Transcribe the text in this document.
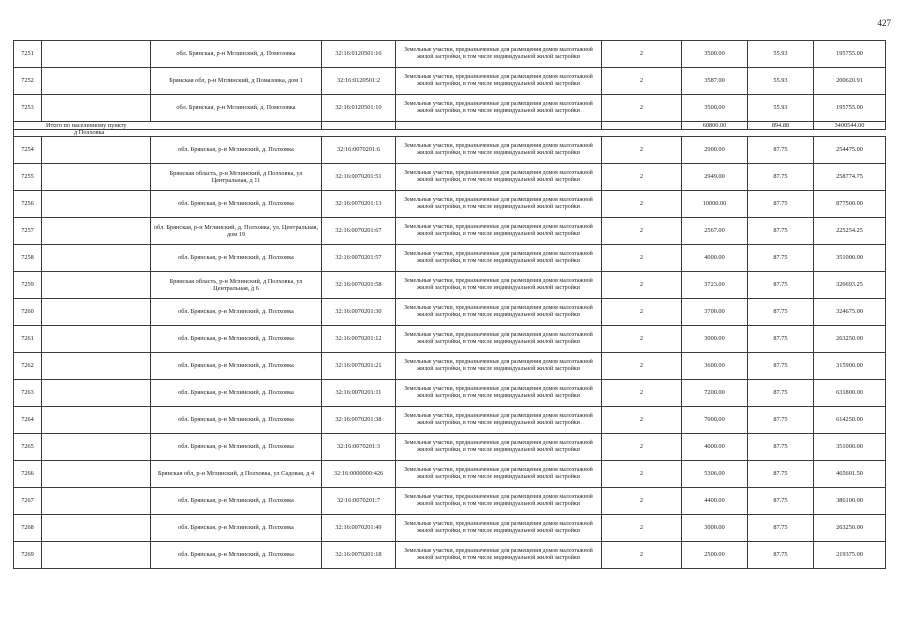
427
7251		обл. Брянская, р-н Мглинский, д. Помозовка	32:16:0120501:16	Земельные участки, предназначенные для размещения домов малоэтажной жилой застройки, в том числе индивидуальной жилой застройки	2	3500.00	55.93	195755.00
7252		Брянская обл, р-н Мглинский, д Помазовка, дом 1	32:16:0120501:2	Земельные участки, предназначенные для размещения домов малоэтажной жилой застройки, в том числе индивидуальной жилой застройки	2	3587.00	55.93	200620.91
7253		обл. Брянская, р-н Мглинский, д. Помозовка	32:16:0120501:10	Земельные участки, предназначенные для размещения домов малоэтажной жилой застройки, в том числе индивидуальной жилой застройки	2	3500.00	55.93	195755.00
Итого по населенному пункту						60800.00	894.88	3400544.00
д Полховка								
7254		обл. Брянская, р-н Мглинский, д. Полховка	32:16:0070201:6	Земельные участки, предназначенные для размещения домов малоэтажной жилой застройки, в том числе индивидуальной жилой застройки	2	2900.00	87.75	254475.00
7255		Брянская область, р-н Мглинский, д Полховка, ул Центральная, д 11	32:16:0070201:51	Земельные участки, предназначенные для размещения домов малоэтажной жилой застройки, в том числе индивидуальной жилой застройки	2	2949.00	87.75	258774.75
7256		обл. Брянская, р-н Мглинский, д. Полховка	32:16:0070201:13	Земельные участки, предназначенные для размещения домов малоэтажной жилой застройки, в том числе индивидуальной жилой застройки	2	10000.00	87.75	877500.00
7257		обл. Брянская, р-н Мглинский, д. Полховка, ул. Центральная, дом 19	32:16:0070201:67	Земельные участки, предназначенные для размещения домов малоэтажной жилой застройки, в том числе индивидуальной жилой застройки	2	2567.00	87.75	225254.25
7258		обл. Брянская, р-н Мглинский, д. Полховка	32:16:0070201:57	Земельные участки, предназначенные для размещения домов малоэтажной жилой застройки, в том числе индивидуальной жилой застройки	2	4000.00	87.75	351000.00
7259		Брянская область, р-н Мглинский, д Полховка, ул Центральная, д 6	32:16:0070201:58	Земельные участки, предназначенные для размещения домов малоэтажной жилой застройки, в том числе индивидуальной жилой застройки	2	3723.00	87.75	326693.25
7260		обл. Брянская, р-н Мглинский, д. Полховка	32:16:0070201:30	Земельные участки, предназначенные для размещения домов малоэтажной жилой застройки, в том числе индивидуальной жилой застройки	2	3700.00	87.75	324675.00
7261		обл. Брянская, р-н Мглинский, д. Полховка	32:16:0070201:12	Земельные участки, предназначенные для размещения домов малоэтажной жилой застройки, в том числе индивидуальной жилой застройки	2	3000.00	87.75	263250.00
7262		обл. Брянская, р-н Мглинский, д. Полховка	32:16:0070201:21	Земельные участки, предназначенные для размещения домов малоэтажной жилой застройки, в том числе индивидуальной жилой застройки	2	3600.00	87.75	315900.00
7263		обл. Брянская, р-н Мглинский, д. Полховка	32:16:0070201:11	Земельные участки, предназначенные для размещения домов малоэтажной жилой застройки, в том числе индивидуальной жилой застройки	2	7200.00	87.75	631800.00
7264		обл. Брянская, р-н Мглинский, д. Полховка	32:16:0070201:38	Земельные участки, предназначенные для размещения домов малоэтажной жилой застройки, в том числе индивидуальной жилой застройки	2	7000.00	87.75	614250.00
7265		обл. Брянская, р-н Мглинский, д. Полховка	32:16:0070201:3	Земельные участки, предназначенные для размещения домов малоэтажной жилой застройки, в том числе индивидуальной жилой застройки	2	4000.00	87.75	351000.00
7266		Брянская обл, р-н Мглинский, д Полховка, ул Садовая, д 4	32:16:0000000:426	Земельные участки, предназначенные для размещения домов малоэтажной жилой застройки, в том числе индивидуальной жилой застройки	2	5306.00	87.75	465601.50
7267		обл. Брянская, р-н Мглинский, д. Полховка	32:16:0070201:7	Земельные участки, предназначенные для размещения домов малоэтажной жилой застройки, в том числе индивидуальной жилой застройки	2	4400.00	87.75	386100.00
7268		обл. Брянская, р-н Мглинский, д. Полховка	32:16:0070201:49	Земельные участки, предназначенные для размещения домов малоэтажной жилой застройки, в том числе индивидуальной жилой застройки	2	3000.00	87.75	263250.00
7269		обл. Брянская, р-н Мглинский, д. Полховка	32:16:0070201:18	Земельные участки, предназначенные для размещения домов малоэтажной жилой застройки, в том числе индивидуальной жилой застройки	2	2500.00	87.75	219375.00
